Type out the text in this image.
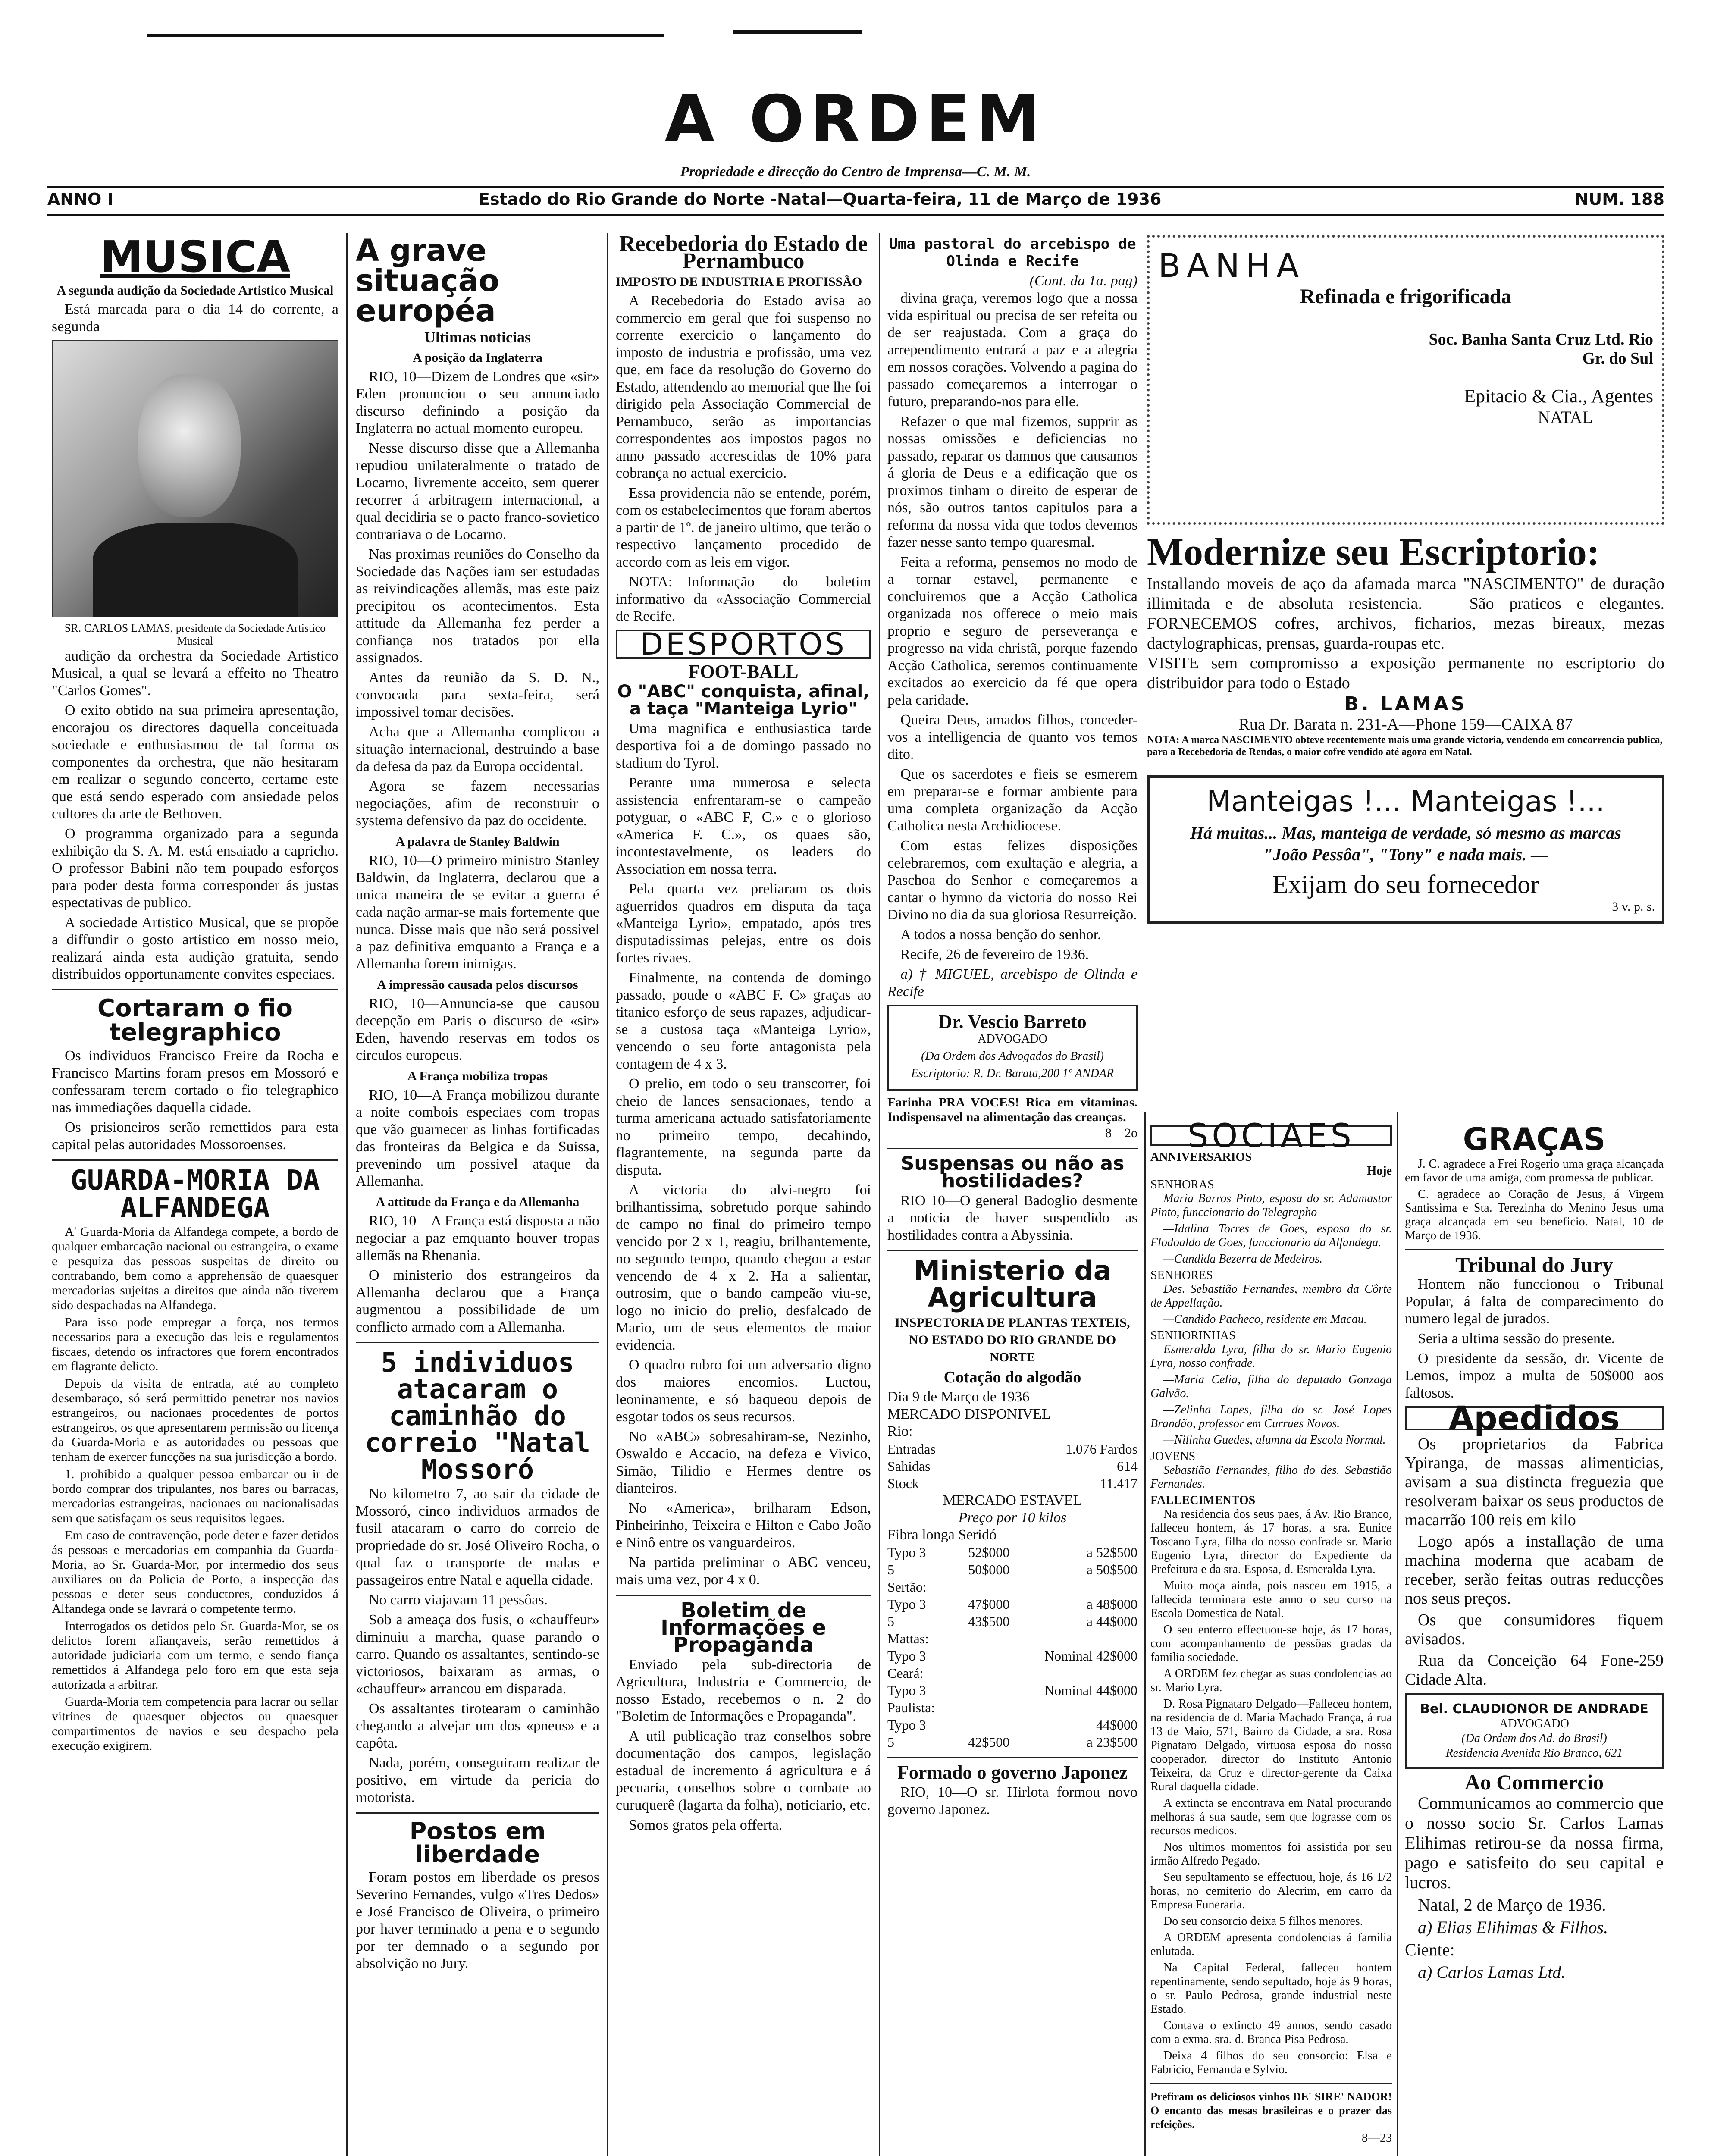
A ORDEM
Propriedade e direcção do Centro de Imprensa—C. M. M.
ANNO I	Estado do Rio Grande do Norte -Natal—Quarta-feira, 11 de Março de 1936	NUM. 188
MUSICA
A segunda audição da Sociedade Artistico Musical

Está marcada para o dia 14 do corrente, a segunda

SR. CARLOS LAMAS, presidente da Sociedade Artistico Musical

audição da orchestra da Sociedade Artistico Musical, a qual se levará a effeito no Theatro "Carlos Gomes".

O exito obtido na sua primeira apresentação, encorajou os directores daquella conceituada sociedade e enthusiasmou de tal forma os componentes da orchestra, que não hesitaram em realizar o segundo concerto, certame este que está sendo esperado com ansiedade pelos cultores da arte de Bethoven.

O programma organizado para a segunda exhibição da S. A. M. está ensaiado a capricho. O professor Babini não tem poupado esforços para poder desta forma corresponder ás justas espectativas de publico.

A sociedade Artistico Musical, que se propõe a diffundir o gosto artistico em nosso meio, realizará ainda esta audição gratuita, sendo distribuidos opportunamente convites especiaes.

Cortaram o fio telegraphico

Os individuos Francisco Freire da Rocha e Francisco Martins foram presos em Mossoró e confessaram terem cortado o fio telegraphico nas immediações daquella cidade.

Os prisioneiros serão remettidos para esta capital pelas autoridades Mossoroenses.

GUARDA-MORIA DA ALFANDEGA

A' Guarda-Moria da Alfandega compete, a bordo de qualquer embarcação nacional ou estrangeira, o exame e pesquiza das pessoas suspeitas de direito ou contrabando, bem como a apprehensão de quaesquer mercadorias sujeitas a direitos que ainda não tiverem sido despachadas na Alfandega.

Para isso pode empregar a força, nos termos necessarios para a execução das leis e regulamentos fiscaes, detendo os infractores que forem encontrados em flagrante delicto.

Depois da visita de entrada, até ao completo desembaraço, só será permittido penetrar nos navios estrangeiros, ou nacionaes procedentes de portos estrangeiros, os que apresentarem permissão ou licença da Guarda-Moria e as autoridades ou pessoas que tenham de exercer funcções na sua jurisdicção a bordo.

1. prohibido a qualquer pessoa embarcar ou ir de bordo comprar dos tripulantes, nos bares ou barracas, mercadorias estrangeiras, nacionaes ou nacionalisadas sem que satisfaçam os seus requisitos legaes.

Em caso de contravenção, pode deter e fazer detidos ás pessoas e mercadorias em companhia da Guarda-Moria, ao Sr. Guarda-Mor, por intermedio dos seus auxiliares ou da Policia de Porto, a inspecção das pessoas e deter seus conductores, conduzidos á Alfandega onde se lavrará o competente termo.

Interrogados os detidos pelo Sr. Guarda-Mor, se os delictos forem afiançaveis, serão remettidos á autoridade judiciaria com um termo, e sendo fiança remettidos á Alfandega pelo foro em que esta seja autorizada a arbitrar.

Guarda-Moria tem competencia para lacrar ou sellar vitrines de quaesquer objectos ou quaesquer compartimentos de navios e seu despacho pela execução exigirem.

A grave situação européa
Ultimas noticias
A posição da Inglaterra

RIO, 10—Dizem de Londres que «sir» Eden pronunciou o seu annunciado discurso definindo a posição da Inglaterra no actual momento europeu.

Nesse discurso disse que a Allemanha repudiou unilateralmente o tratado de Locarno, livremente acceito, sem querer recorrer á arbitragem internacional, a qual decidiria se o pacto franco-sovietico contrariava o de Locarno.

Nas proximas reuniões do Conselho da Sociedade das Nações iam ser estudadas as reivindicações allemãs, mas este paiz precipitou os acontecimentos. Esta attitude da Allemanha fez perder a confiança nos tratados por ella assignados.

Antes da reunião da S. D. N., convocada para sexta-feira, será impossivel tomar decisões.

Acha que a Allemanha complicou a situação internacional, destruindo a base da defesa da paz da Europa occidental.

Agora se fazem necessarias negociações, afim de reconstruir o systema defensivo da paz do occidente.

A palavra de Stanley Baldwin

RIO, 10—O primeiro ministro Stanley Baldwin, da Inglaterra, declarou que a unica maneira de se evitar a guerra é cada nação armar-se mais fortemente que nunca. Disse mais que não será possivel a paz definitiva emquanto a França e a Allemanha forem inimigas.

A impressão causada pelos discursos

RIO, 10—Annuncia-se que causou decepção em Paris o discurso de «sir» Eden, havendo reservas em todos os circulos europeus.

A França mobiliza tropas

RIO, 10—A França mobilizou durante a noite combois especiaes com tropas que vão guarnecer as linhas fortificadas das fronteiras da Belgica e da Suissa, prevenindo um possivel ataque da Allemanha.

A attitude da França e da Allemanha

RIO, 10—A França está disposta a não negociar a paz emquanto houver tropas allemãs na Rhenania.

O ministerio dos estrangeiros da Allemanha declarou que a França augmentou a possibilidade de um conflicto armado com a Allemanha.

5 individuos atacaram o caminhão do correio "Natal Mossoró

No kilometro 7, ao sair da cidade de Mossoró, cinco individuos armados de fusil atacaram o carro do correio de propriedade do sr. José Oliveiro Rocha, o qual faz o transporte de malas e passageiros entre Natal e aquella cidade.

No carro viajavam 11 pessôas.

Sob a ameaça dos fusis, o «chauffeur» diminuiu a marcha, quase parando o carro. Quando os assaltantes, sentindo-se victoriosos, baixaram as armas, o «chauffeur» arrancou em disparada.

Os assaltantes tirotearam o caminhão chegando a alvejar um dos «pneus» e a capôta.

Nada, porém, conseguiram realizar de positivo, em virtude da pericia do motorista.

Postos em liberdade

Foram postos em liberdade os presos Severino Fernandes, vulgo «Tres Dedos» e José Francisco de Oliveira, o primeiro por haver terminado a pena e o segundo por ter demnado o a segundo por absolvição no Jury.

Recebedoria do Estado de Pernambuco
IMPOSTO DE INDUSTRIA E PROFISSÃO

A Recebedoria do Estado avisa ao commercio em geral que foi suspenso no corrente exercicio o lançamento do imposto de industria e profissão, uma vez que, em face da resolução do Governo do Estado, attendendo ao memorial que lhe foi dirigido pela Associação Commercial de Pernambuco, serão as importancias correspondentes aos impostos pagos no anno passado accrescidas de 10% para cobrança no actual exercicio.

Essa providencia não se entende, porém, com os estabelecimentos que foram abertos a partir de 1º. de janeiro ultimo, que terão o respectivo lançamento procedido de accordo com as leis em vigor.

NOTA:—Informação do boletim informativo da «Associação Commercial de Recife.

DESPORTOS
FOOT-BALL
O "ABC" conquista, afinal, a taça "Manteiga Lyrio"

Uma magnifica e enthusiastica tarde desportiva foi a de domingo passado no stadium do Tyrol.

Perante uma numerosa e selecta assistencia enfrentaram-se o campeão potyguar, o «ABC F, C.» e o glorioso «America F. C.», os quaes são, incontestavelmente, os leaders do Association em nossa terra.

Pela quarta vez preliaram os dois aguerridos quadros em disputa da taça «Manteiga Lyrio», empatado, após tres disputadissimas pelejas, entre os dois fortes rivaes.

Finalmente, na contenda de domingo passado, poude o «ABC F. C» graças ao titanico esforço de seus rapazes, adjudicar-se a custosa taça «Manteiga Lyrio», vencendo o seu forte antagonista pela contagem de 4 x 3.

O prelio, em todo o seu transcorrer, foi cheio de lances sensacionaes, tendo a turma americana actuado satisfatoriamente no primeiro tempo, decahindo, flagrantemente, na segunda parte da disputa.

A victoria do alvi-negro foi brilhantissima, sobretudo porque sahindo de campo no final do primeiro tempo vencido por 2 x 1, reagiu, brilhantemente, no segundo tempo, quando chegou a estar vencendo de 4 x 2. Ha a salientar, outrosim, que o bando campeão viu-se, logo no inicio do prelio, desfalcado de Mario, um de seus elementos de maior evidencia.

O quadro rubro foi um adversario digno dos maiores encomios. Luctou, leoninamente, e só baqueou depois de esgotar todos os seus recursos.

No «ABC» sobresahiram-se, Nezinho, Oswaldo e Accacio, na defeza e Vivico, Simão, Tilidio e Hermes dentre os dianteiros.

No «America», brilharam Edson, Pinheirinho, Teixeira e Hilton e Cabo João e Ninô entre os vanguardeiros.

Na partida preliminar o ABC venceu, mais uma vez, por 4 x 0.

Boletim de Informações e Propaganda

Enviado pela sub-directoria de Agricultura, Industria e Commercio, de nosso Estado, recebemos o n. 2 do "Boletim de Informações e Propaganda".

A util publicação traz conselhos sobre documentação dos campos, legislação estadual de incremento á agricultura e á pecuaria, conselhos sobre o combate ao curuquerê (lagarta da folha), noticiario, etc.

Somos gratos pela offerta.

Uma pastoral do arcebispo de Olinda e Recife
(Cont. da 1a. pag)

divina graça, veremos logo que a nossa vida espiritual ou precisa de ser refeita ou de ser reajustada. Com a graça do arrependimento entrará a paz e a alegria em nossos corações. Volvendo a pagina do passado começaremos a interrogar o futuro, preparando-nos para elle.

Refazer o que mal fizemos, supprir as nossas omissões e deficiencias no passado, reparar os damnos que causamos á gloria de Deus e a edificação que os proximos tinham o direito de esperar de nós, são outros tantos capitulos para a reforma da nossa vida que todos devemos fazer nesse santo tempo quaresmal.

Feita a reforma, pensemos no modo de a tornar estavel, permanente e concluiremos que a Acção Catholica organizada nos offerece o meio mais proprio e seguro de perseverança e progresso na vida christã, porque fazendo Acção Catholica, seremos continuamente excitados ao exercicio da fé que opera pela caridade.

Queira Deus, amados filhos, conceder-vos a intelligencia de quanto vos temos dito.

Que os sacerdotes e fieis se esmerem em preparar-se e formar ambiente para uma completa organização da Acção Catholica nesta Archidiocese.

Com estas felizes disposições celebraremos, com exultação e alegria, a Paschoa do Senhor e começaremos a cantar o hymno da victoria do nosso Rei Divino no dia da sua gloriosa Resurreição.

A todos a nossa benção do senhor.

Recife, 26 de fevereiro de 1936.

a) † MIGUEL, arcebispo de Olinda e Recife

Dr. Vescio Barreto
ADVOGADO
(Da Ordem dos Advogados do Brasil)
Escriptorio: R. Dr. Barata,200 1º ANDAR
Farinha PRA VOCES! Rica em vitaminas. Indispensavel na alimentação das creanças.
8—2o
Suspensas ou não as hostilidades?

RIO 10—O general Badoglio desmente a noticia de haver suspendido as hostilidades contra a Abyssinia.

Ministerio da Agricultura
INSPECTORIA DE PLANTAS TEXTEIS, NO ESTADO DO RIO GRANDE DO NORTE
Cotação do algodão
Dia 9 de Março de 1936
MERCADO DISPONIVEL
Rio:
Entradas	1.076 Fardos
Sahidas	614
Stock	11.417
MERCADO ESTAVEL
Preço por 10 kilos
Fibra longa Seridó
Typo 3	52$000	a 52$500
5	50$000	a 50$500
Sertão:		
Typo 3	47$000	a 48$000
5	43$500	a 44$000
Mattas:		
Typo 3		Nominal 42$000
Ceará:		
Typo 3		Nominal 44$000
Paulista:		
Typo 3		44$000
5	42$500	a 23$500
Formado o governo Japonez

RIO, 10—O sr. Hirlota formou novo governo Japonez.

BANHA
Refinada e frigorificada
Soc. Banha Santa Cruz Ltd. Rio Gr. do Sul
Epitacio & Cia., Agentes
NATAL
Modernize seu Escriptorio:
Installando moveis de aço da afamada marca "NASCIMENTO" de duração illimitada e de absoluta resistencia. — São praticos e elegantes. FORNECEMOS cofres, archivos, ficharios, mezas bireaux, mezas dactylographicas, prensas, guarda-roupas etc.
VISITE sem compromisso a exposição permanente no escriptorio do distribuidor para todo o Estado
B. LAMAS
Rua Dr. Barata n. 231-A—Phone 159—CAIXA 87
NOTA: A marca NASCIMENTO obteve recentemente mais uma grande victoria, vendendo em concorrencia publica, para a Recebedoria de Rendas, o maior cofre vendido até agora em Natal.
Manteigas !... Manteigas !...
Há muitas... Mas, manteiga de verdade, só mesmo as marcas "João Pessôa", "Tony" e nada mais. —
Exijam do seu fornecedor
3 v. p. s.
SOCIAES
ANNIVERSARIOS
Hoje
SENHORAS

Maria Barros Pinto, esposa do sr. Adamastor Pinto, funccionario do Telegrapho

—Idalina Torres de Goes, esposa do sr. Flodoaldo de Goes, funccionario da Alfandega.

—Candida Bezerra de Medeiros.

SENHORES

Des. Sebastião Fernandes, membro da Côrte de Appellação.

—Candido Pacheco, residente em Macau.

SENHORINHAS

Esmeralda Lyra, filha do sr. Mario Eugenio Lyra, nosso confrade.

—Maria Celia, filha do deputado Gonzaga Galvão.

—Zelinha Lopes, filha do sr. José Lopes Brandão, professor em Currues Novos.

—Nilinha Guedes, alumna da Escola Normal.

JOVENS

Sebastião Fernandes, filho do des. Sebastião Fernandes.

FALLECIMENTOS

Na residencia dos seus paes, á Av. Rio Branco, falleceu hontem, ás 17 horas, a sra. Eunice Toscano Lyra, filha do nosso confrade sr. Mario Eugenio Lyra, director do Expediente da Prefeitura e da sra. Esposa, d. Esmeralda Lyra.

Muito moça ainda, pois nasceu em 1915, a fallecida terminara este anno o seu curso na Escola Domestica de Natal.

O seu enterro effectuou-se hoje, ás 17 horas, com acompanhamento de pessôas gradas da familia sociedade.

A ORDEM fez chegar as suas condolencias ao sr. Mario Lyra.

D. Rosa Pignataro Delgado—Falleceu hontem, na residencia de d. Maria Machado França, á rua 13 de Maio, 571, Bairro da Cidade, a sra. Rosa Pignataro Delgado, virtuosa esposa do nosso cooperador, director do Instituto Antonio Teixeira, da Cruz e director-gerente da Caixa Rural daquella cidade.

A extincta se encontrava em Natal procurando melhoras á sua saude, sem que lograsse com os recursos medicos.

Nos ultimos momentos foi assistida por seu irmão Alfredo Pegado.

Seu sepultamento se effectuou, hoje, ás 16 1/2 horas, no cemiterio do Alecrim, em carro da Empresa Funeraria.

Do seu consorcio deixa 5 filhos menores.

A ORDEM apresenta condolencias á familia enlutada.

Na Capital Federal, falleceu hontem repentinamente, sendo sepultado, hoje ás 9 horas, o sr. Paulo Pedrosa, grande industrial neste Estado.

Contava o extincto 49 annos, sendo casado com a exma. sra. d. Branca Pisa Pedrosa.

Deixa 4 filhos do seu consorcio: Elsa e Fabricio, Fernanda e Sylvio.

Prefiram os deliciosos vinhos DE' SIRE' NADOR! O encanto das mesas brasileiras e o prazer das refeições.
8—23
GRAÇAS

J. C. agradece a Frei Rogerio uma graça alcançada em favor de uma amiga, com promessa de publicar.

C. agradece ao Coração de Jesus, á Virgem Santissima e Sta. Terezinha do Menino Jesus uma graça alcançada em seu beneficio. Natal, 10 de Março de 1936.

Tribunal do Jury

Hontem não funccionou o Tribunal Popular, á falta de comparecimento do numero legal de jurados.

Seria a ultima sessão do presente.

O presidente da sessão, dr. Vicente de Lemos, impoz a multa de 50$000 aos faltosos.

Apedidos

Os proprietarios da Fabrica Ypiranga, de massas alimenticias, avisam a sua distincta freguezia que resolveram baixar os seus productos de macarrão 100 reis em kilo

Logo após a installação de uma machina moderna que acabam de receber, serão feitas outras reducções nos seus preços.

Os que consumidores fiquem avisados.

Rua da Conceição 64 Fone-259 Cidade Alta.

Bel. CLAUDIONOR DE ANDRADE
ADVOGADO
(Da Ordem dos Ad. do Brasil)
Residencia Avenida Rio Branco, 621
Ao Commercio

Communicamos ao commercio que o nosso socio Sr. Carlos Lamas Elihimas retirou-se da nossa firma, pago e satisfeito do seu capital e lucros.

Natal, 2 de Março de 1936.

a) Elias Elihimas & Filhos.

Ciente:

a) Carlos Lamas Ltd.
